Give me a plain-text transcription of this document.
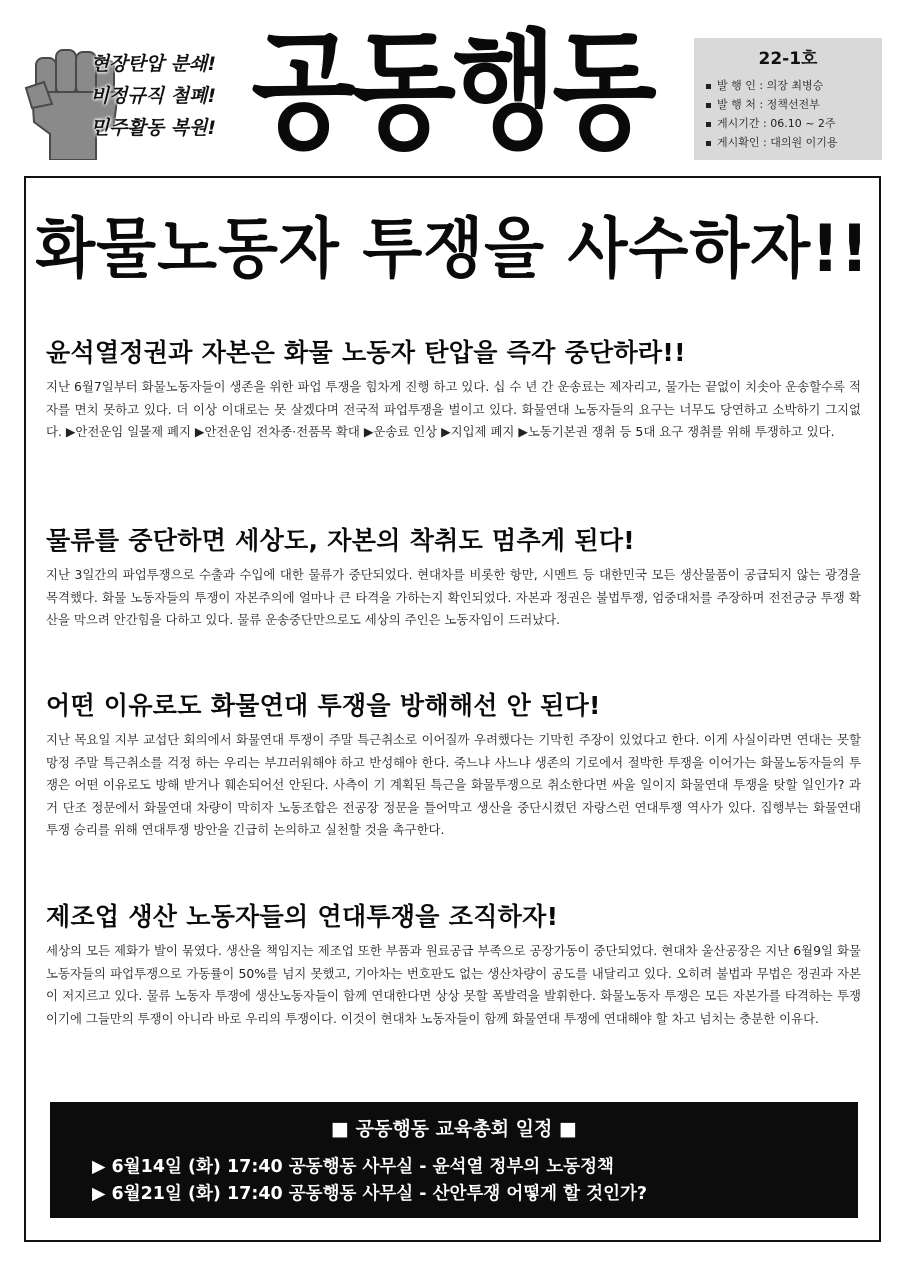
현장탄압 분쇄!
비정규직 철폐!
민주활동 복원! 공동행동	22-1호
발 행 인 : 의장 최병승
발 행 처 : 정책선전부
게시기간 : 06.10 ~ 2주
게시확인 : 대의원 이기용
화물노동자 투쟁을 사수하자!!
윤석열정권과 자본은 화물 노동자 탄압을 즉각 중단하라!!

지난 6월7일부터 화물노동자들이 생존을 위한 파업 투쟁을 힘차게 진행 하고 있다. 십 수 년 간 운송료는 제자리고, 물가는 끝없이 치솟아 운송할수록 적자를 면치 못하고 있다. 더 이상 이대로는 못 살겠다며 전국적 파업투쟁을 벌이고 있다. 화물연대 노동자들의 요구는 너무도 당연하고 소박하기 그지없다. ▶안전운임 일몰제 폐지 ▶안전운임 전차종·전품목 확대 ▶운송료 인상 ▶지입제 폐지 ▶노동기본권 쟁취 등 5대 요구 쟁취를 위해 투쟁하고 있다.

물류를 중단하면 세상도, 자본의 착취도 멈추게 된다!

지난 3일간의 파업투쟁으로 수출과 수입에 대한 물류가 중단되었다. 현대차를 비롯한 항만, 시멘트 등 대한민국 모든 생산물품이 공급되지 않는 광경을 목격했다. 화물 노동자들의 투쟁이 자본주의에 얼마나 큰 타격을 가하는지 확인되었다. 자본과 정권은 불법투쟁, 엄중대처를 주장하며 전전긍긍 투쟁 확산을 막으려 안간힘을 다하고 있다. 물류 운송중단만으로도 세상의 주인은 노동자임이 드러났다.

어떤 이유로도 화물연대 투쟁을 방해해선 안 된다!

지난 목요일 지부 교섭단 회의에서 화물연대 투쟁이 주말 특근취소로 이어질까 우려했다는 기막힌 주장이 있었다고 한다. 이게 사실이라면 연대는 못할망정 주말 특근취소를 걱정 하는 우리는 부끄러워해야 하고 반성해야 한다. 죽느냐 사느냐 생존의 기로에서 절박한 투쟁을 이어가는 화물노동자들의 투쟁은 어떤 이유로도 방해 받거나 훼손되어선 안된다. 사측이 기 계획된 특근을 화물투쟁으로 취소한다면 싸울 일이지 화물연대 투쟁을 탓할 일인가? 과거 단조 정문에서 화물연대 차량이 막히자 노동조합은 전공장 정문을 틀어막고 생산을 중단시켰던 자랑스런 연대투쟁 역사가 있다. 집행부는 화물연대 투쟁 승리를 위해 연대투쟁 방안을 긴급히 논의하고 실천할 것을 촉구한다.

제조업 생산 노동자들의 연대투쟁을 조직하자!

세상의 모든 제화가 발이 묶였다. 생산을 책임지는 제조업 또한 부품과 원료공급 부족으로 공장가동이 중단되었다. 현대차 울산공장은 지난 6월9일 화물 노동자들의 파업투쟁으로 가동률이 50%를 넘지 못했고, 기아차는 번호판도 없는 생산차량이 공도를 내달리고 있다. 오히려 불법과 무법은 정권과 자본이 저지르고 있다. 물류 노동자 투쟁에 생산노동자들이 함께 연대한다면 상상 못할 폭발력을 발휘한다. 화물노동자 투쟁은 모든 자본가를 타격하는 투쟁이기에 그들만의 투쟁이 아니라 바로 우리의 투쟁이다. 이것이 현대차 노동자들이 함께 화물연대 투쟁에 연대해야 할 차고 넘치는 충분한 이유다.

■ 공동행동 교육총회 일정 ■
▶ 6월14일 (화) 17:40 공동행동 사무실 - 윤석열 정부의 노동정책
▶ 6월21일 (화) 17:40 공동행동 사무실 - 산안투쟁 어떻게 할 것인가?
